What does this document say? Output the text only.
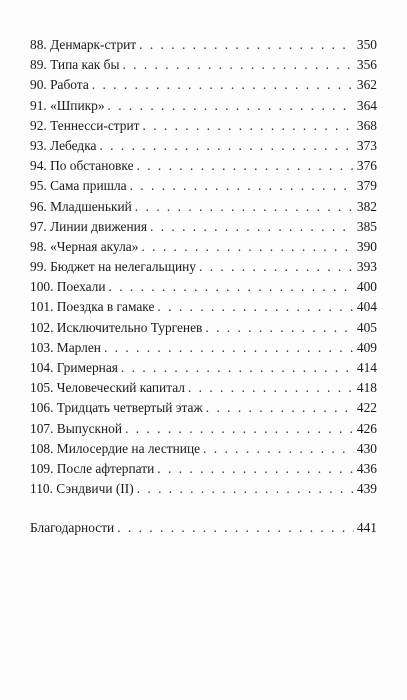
88. Денмарк-стрит . . .	350
89. Типа как бы . . .	356
90. Работа . . .	362
91. «Шпикр» . . .	364
92. Теннесси-стрит . . .	368
93. Лебедка . . .	373
94. По обстановке . . .	376
95. Сама пришла . . .	379
96. Младшенький . . .	382
97. Линии движения . . .	385
98. «Черная акула» . . .	390
99. Бюджет на нелегальщину . . .	393
100. Поехали . . .	400
101. Поездка в гамаке . . .	404
102. Исключительно Тургенев . . .	405
103. Марлен . . .	409
104. Гримерная . . .	414
105. Человеческий капитал . . .	418
106. Тридцать четвертый этаж . . .	422
107. Выпускной . . .	426
108. Милосердие на лестнице . . .	430
109. После афтерпати . . .	436
110. Сэндвичи (II) . . .	439
Благодарности . . .	441
